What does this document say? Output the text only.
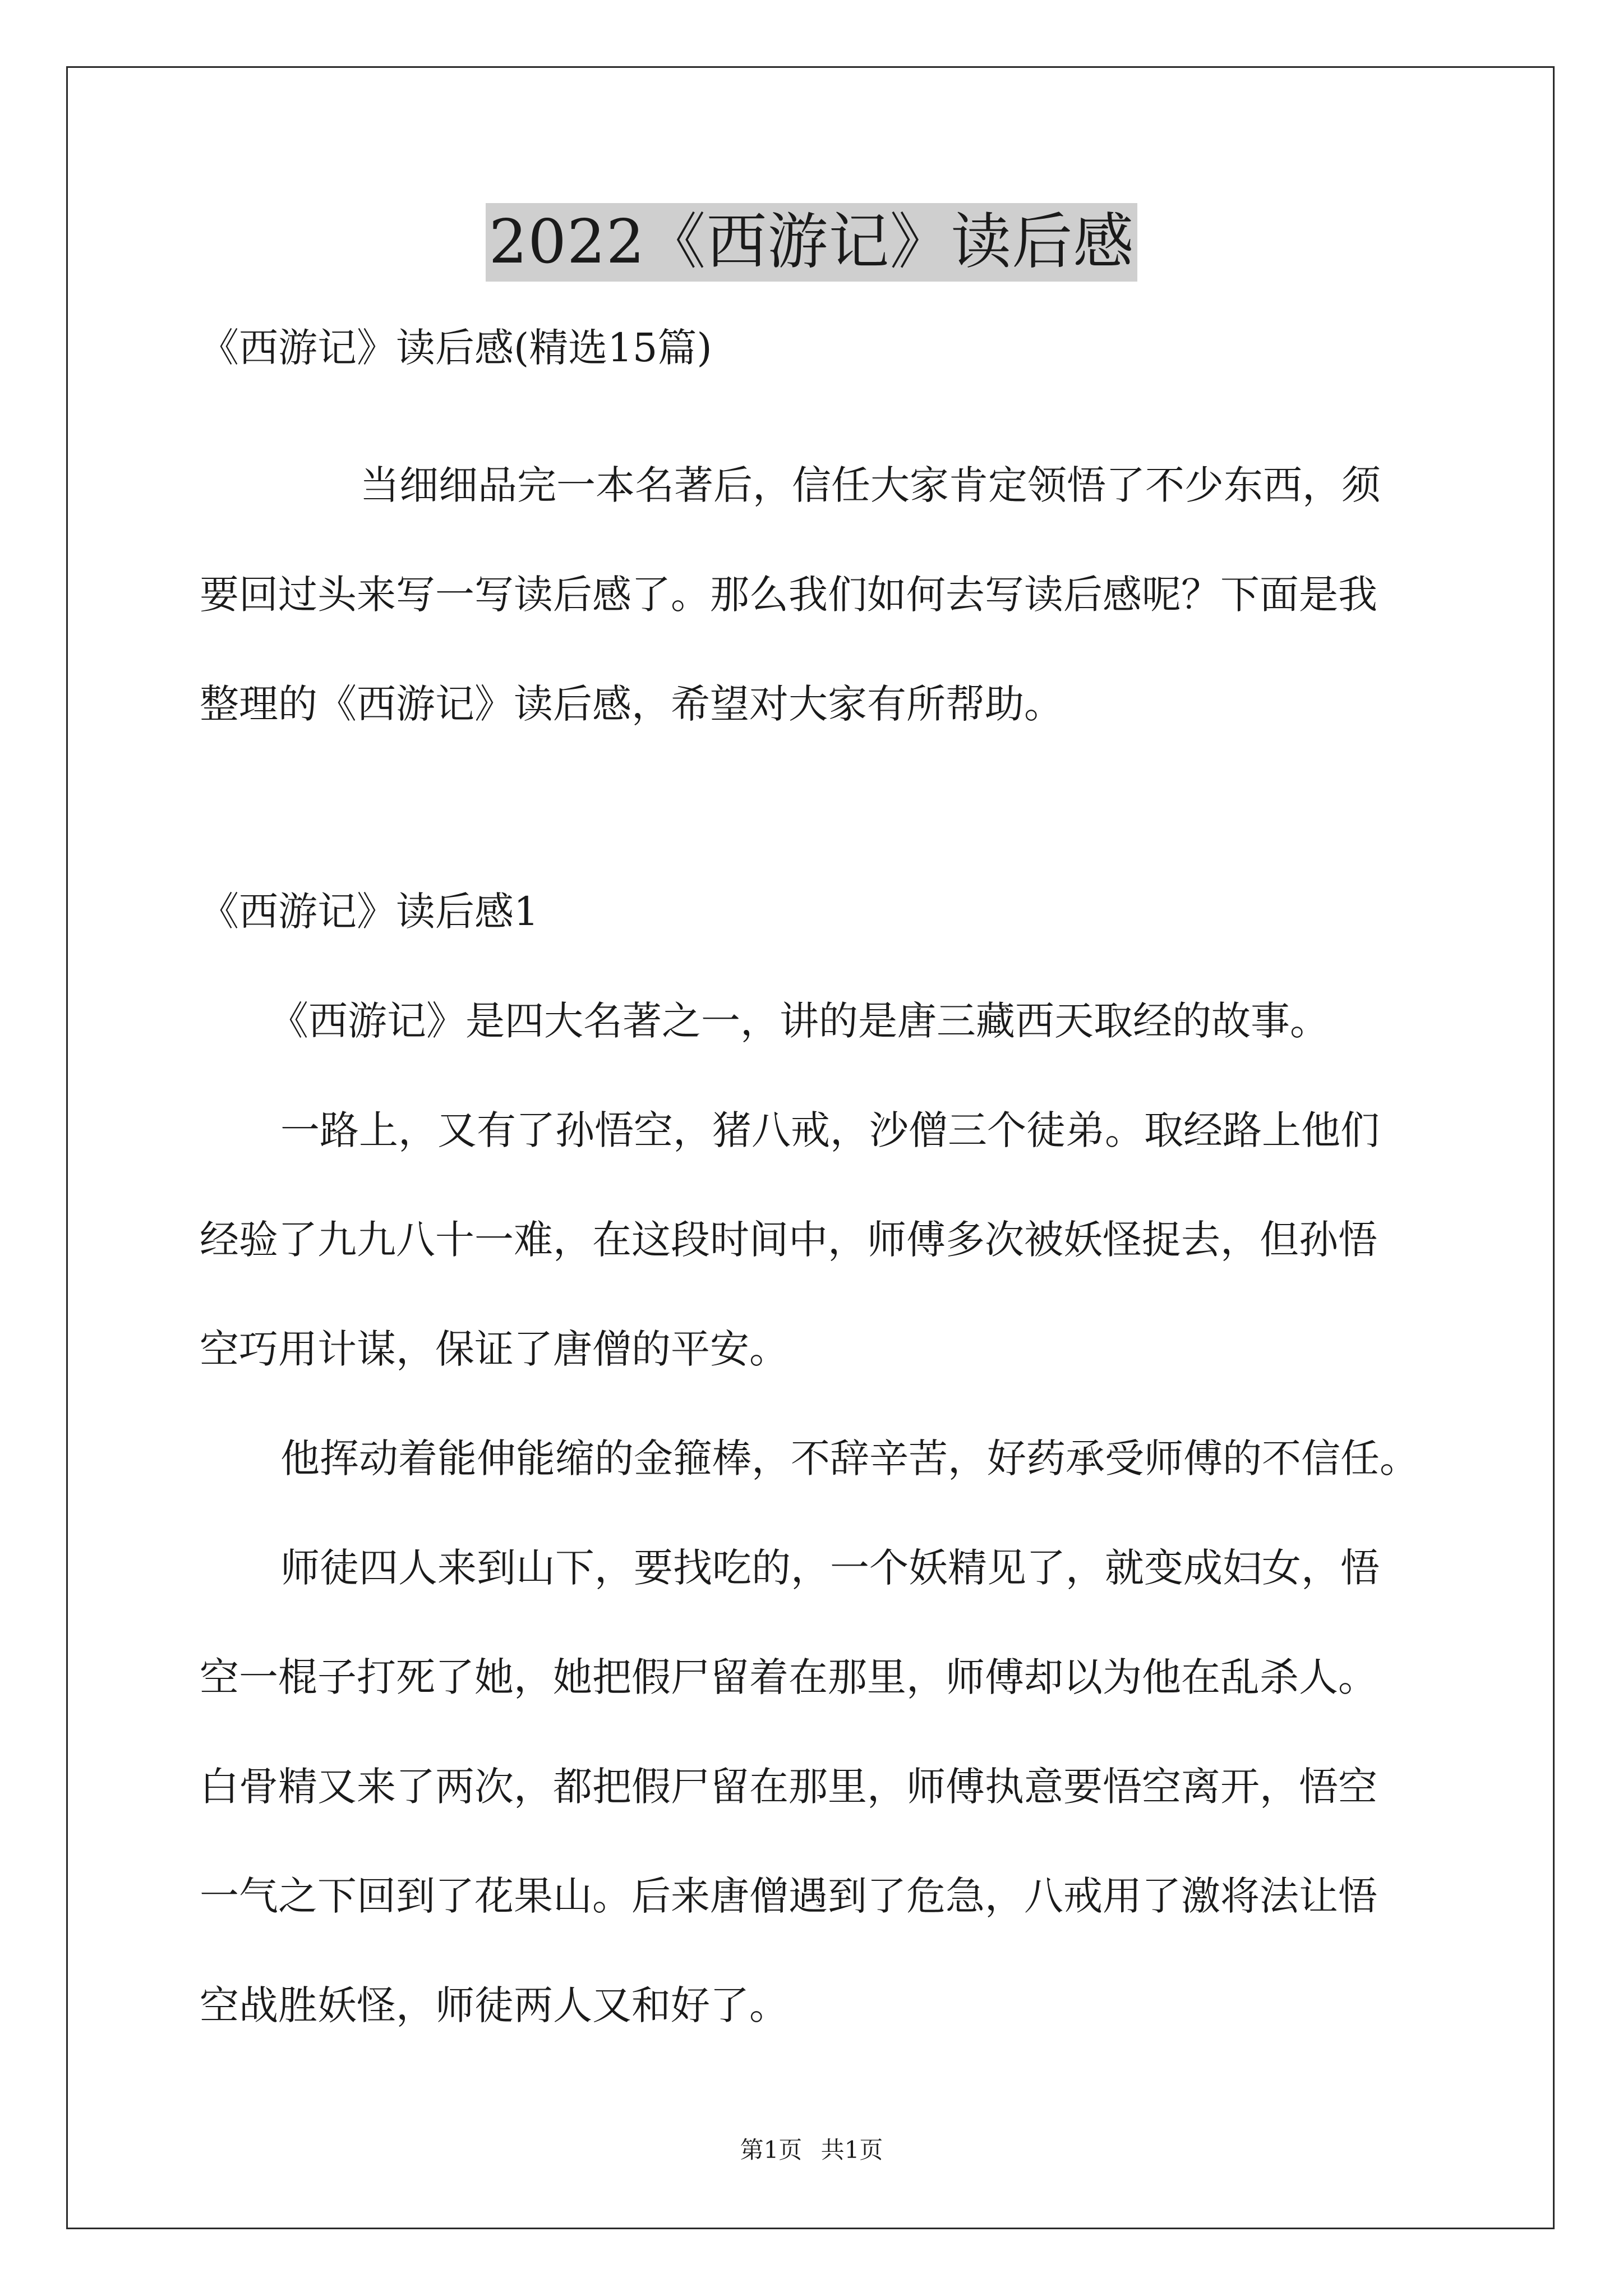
2022《西游记》读后感
《西游记》读后感(精选15篇)
当细细品完一本名著后，信任大家肯定领悟了不少东西，须
要回过头来写一写读后感了。那么我们如何去写读后感呢？下面是我
整理的《西游记》读后感，希望对大家有所帮助。
《西游记》读后感1
《西游记》是四大名著之一，讲的是唐三藏西天取经的故事。
一路上，又有了孙悟空，猪八戒，沙僧三个徒弟。取经路上他们
经验了九九八十一难，在这段时间中，师傅多次被妖怪捉去，但孙悟
空巧用计谋，保证了唐僧的平安。
他挥动着能伸能缩的金箍棒，不辞辛苦，好药承受师傅的不信任。
师徒四人来到山下，要找吃的，一个妖精见了，就变成妇女，悟
空一棍子打死了她，她把假尸留着在那里，师傅却以为他在乱杀人。
白骨精又来了两次，都把假尸留在那里，师傅执意要悟空离开，悟空
一气之下回到了花果山。后来唐僧遇到了危急，八戒用了激将法让悟
空战胜妖怪，师徒两人又和好了。
第1页 共1页
